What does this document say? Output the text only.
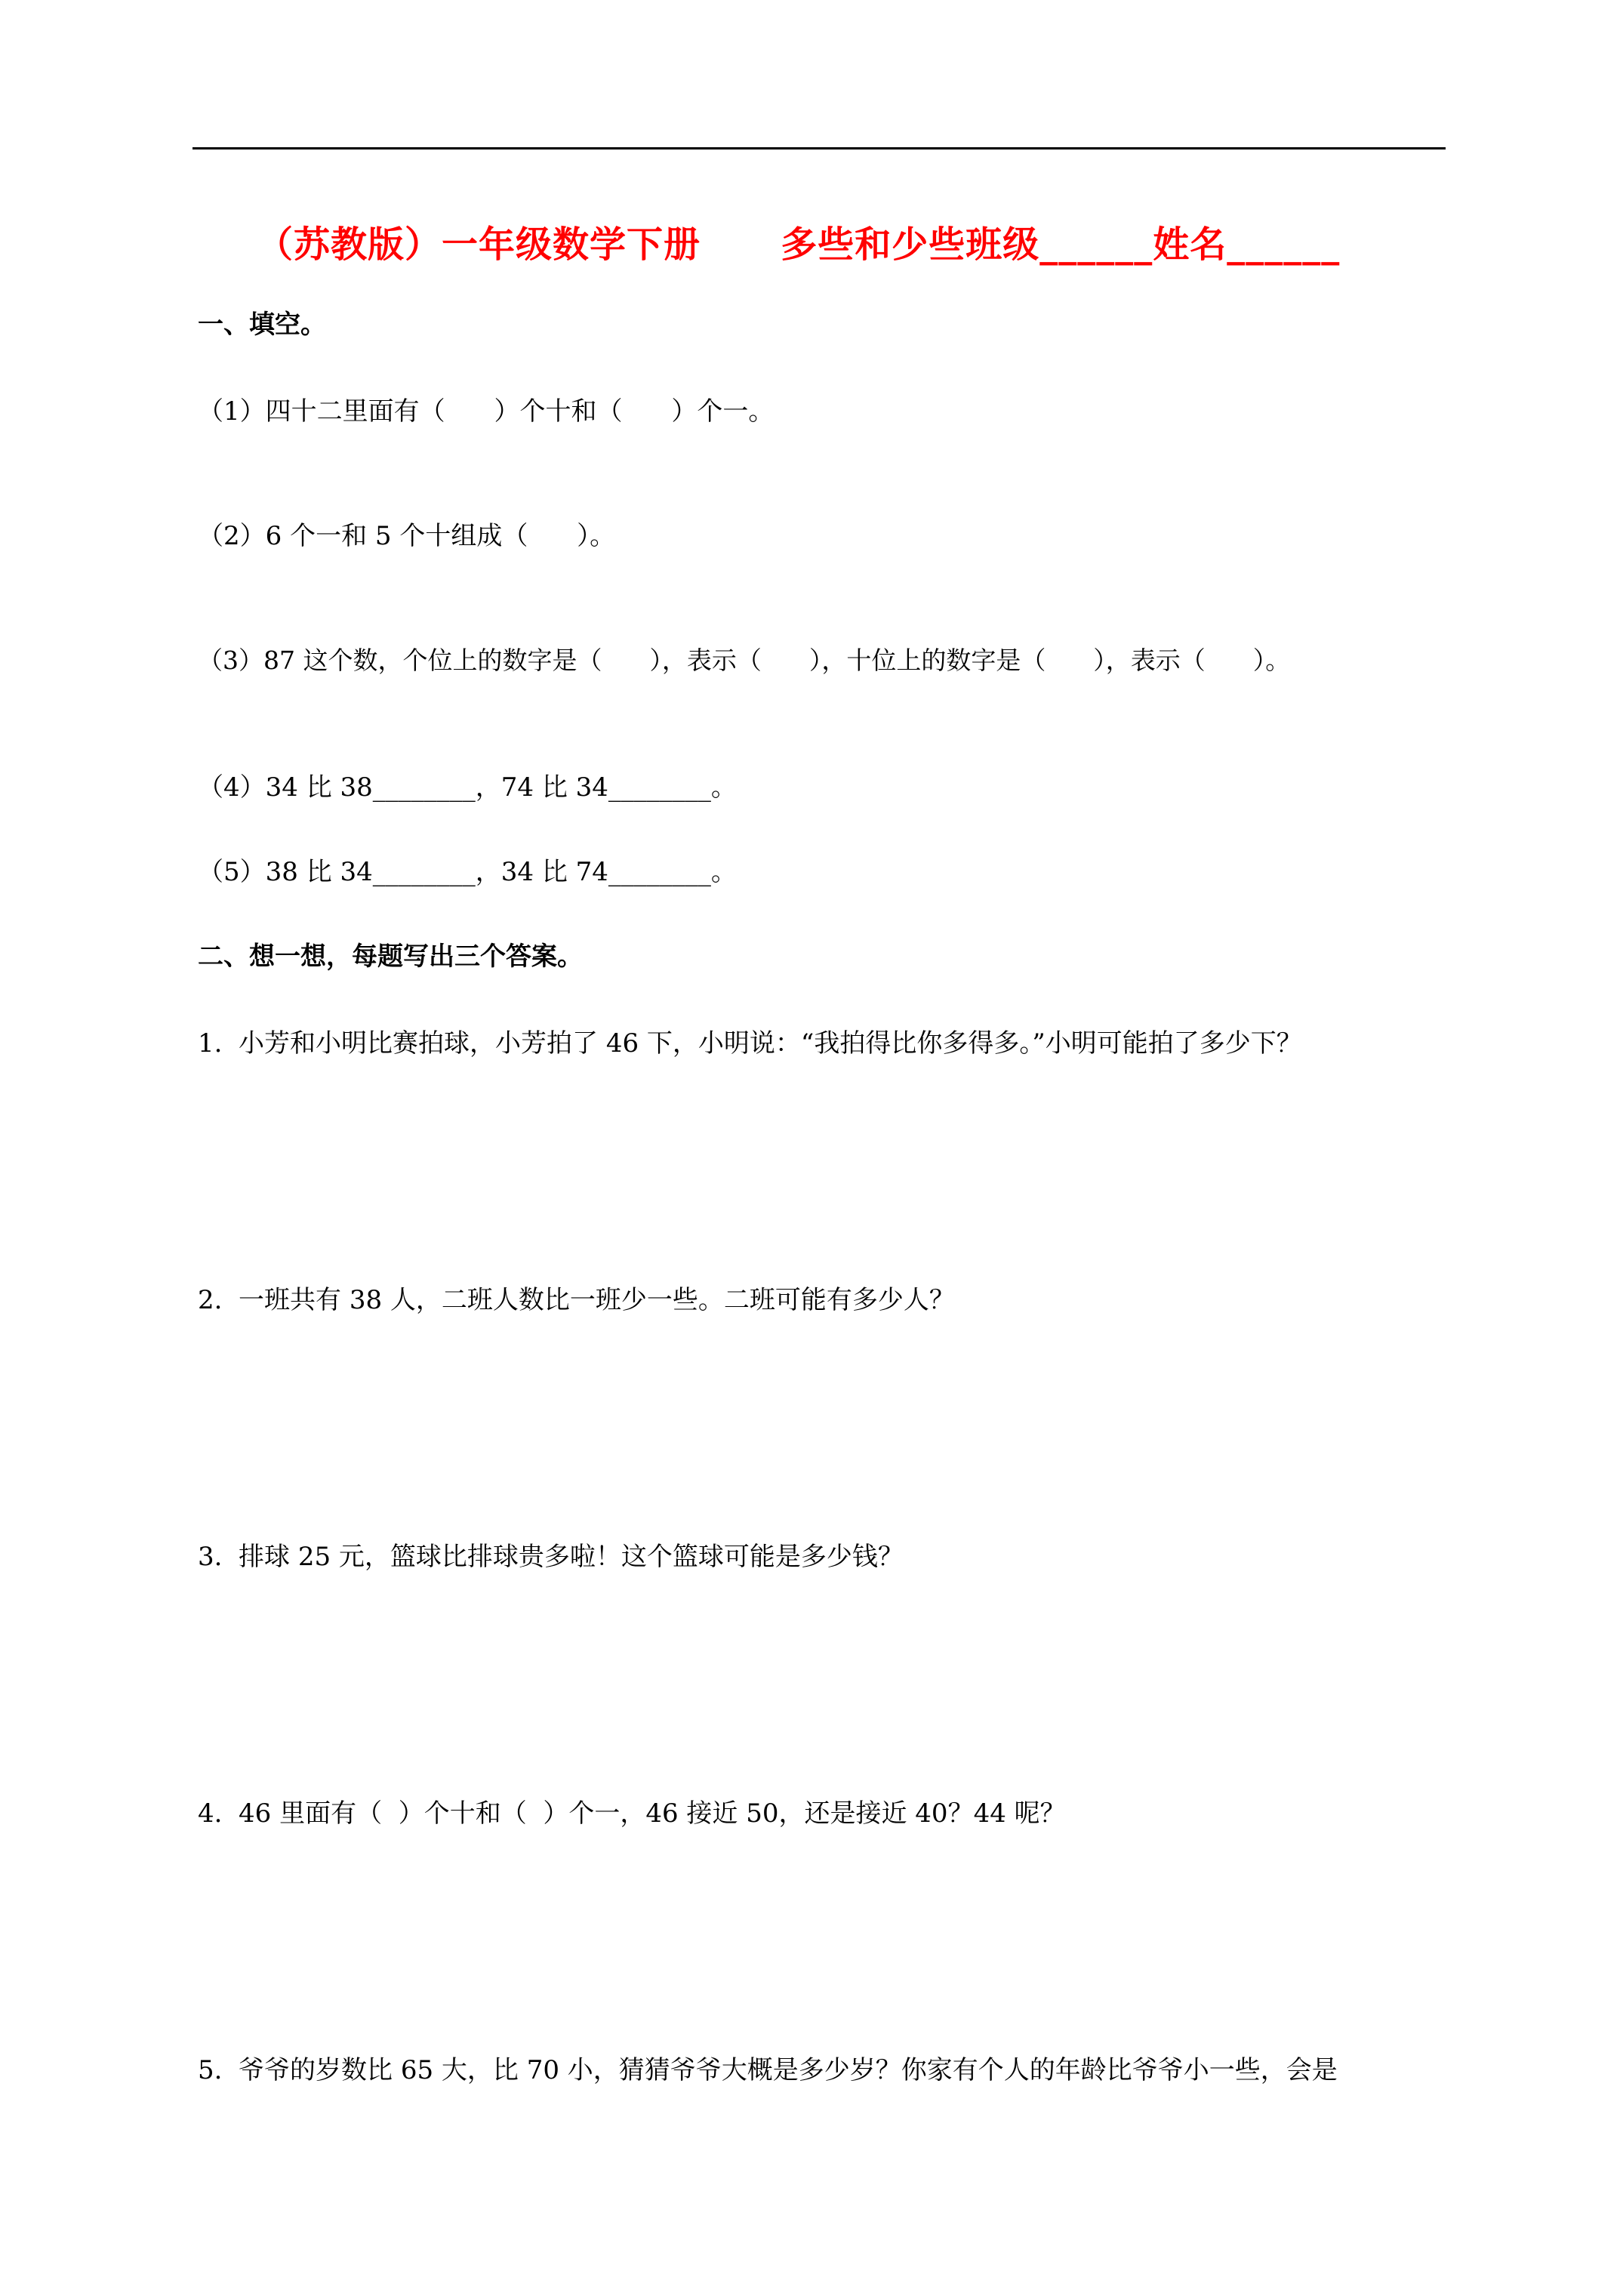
（苏教版）一年级数学下册      多些和少些班级______姓名______
一、填空。
（1）四十二里面有（      ）个十和（      ）个一。
（2）6 个一和 5 个十组成（      ）。
（3）87 这个数，个位上的数字是（      ），表示（      ），十位上的数字是（      ），表示（      ）。
（4）34 比 38________，74 比 34________。
（5）38 比 34________，34 比 74________。
二、想一想，每题写出三个答案。
1.  小芳和小明比赛拍球，小芳拍了 46 下，小明说：“我拍得比你多得多。”小明可能拍了多少下？
2.  一班共有 38 人，二班人数比一班少一些。二班可能有多少人？
3.  排球 25 元，篮球比排球贵多啦！这个篮球可能是多少钱？
4.  46 里面有（  ）个十和（  ）个一，46 接近 50，还是接近 40？44 呢？
5.  爷爷的岁数比 65 大，比 70 小，猜猜爷爷大概是多少岁？你家有个人的年龄比爷爷小一些，会是
